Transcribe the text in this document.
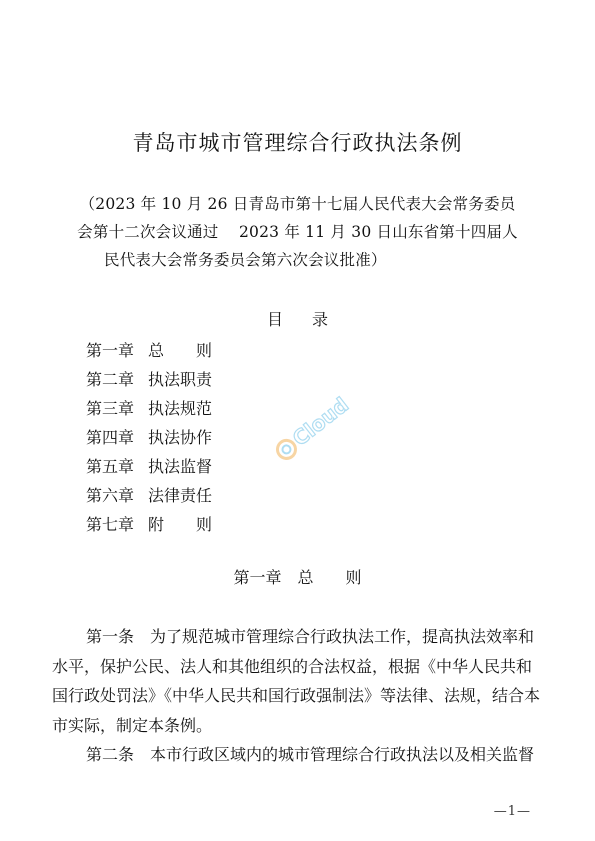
青岛市城市管理综合行政执法条例
（2023 年 10 月 26 日青岛市第十七届人民代表大会常务委员
会第十二次会议通过    2023 年 11 月 30 日山东省第十四届人
民代表大会常务委员会第六次会议批准）
目 录
第一章 总　　则
第二章 执法职责
第三章 执法规范
第四章 执法协作
第五章 执法监督
第六章 法律责任
第七章 附　　则
第一章　总　　则
第一条　为了规范城市管理综合行政执法工作，提高执法效率和
水平，保护公民、法人和其他组织的合法权益，根据《中华人民共和
国行政处罚法》《中华人民共和国行政强制法》等法律、法规，结合本
市实际，制定本条例。
第二条　本市行政区域内的城市管理综合行政执法以及相关监督
Cloud
—1—
